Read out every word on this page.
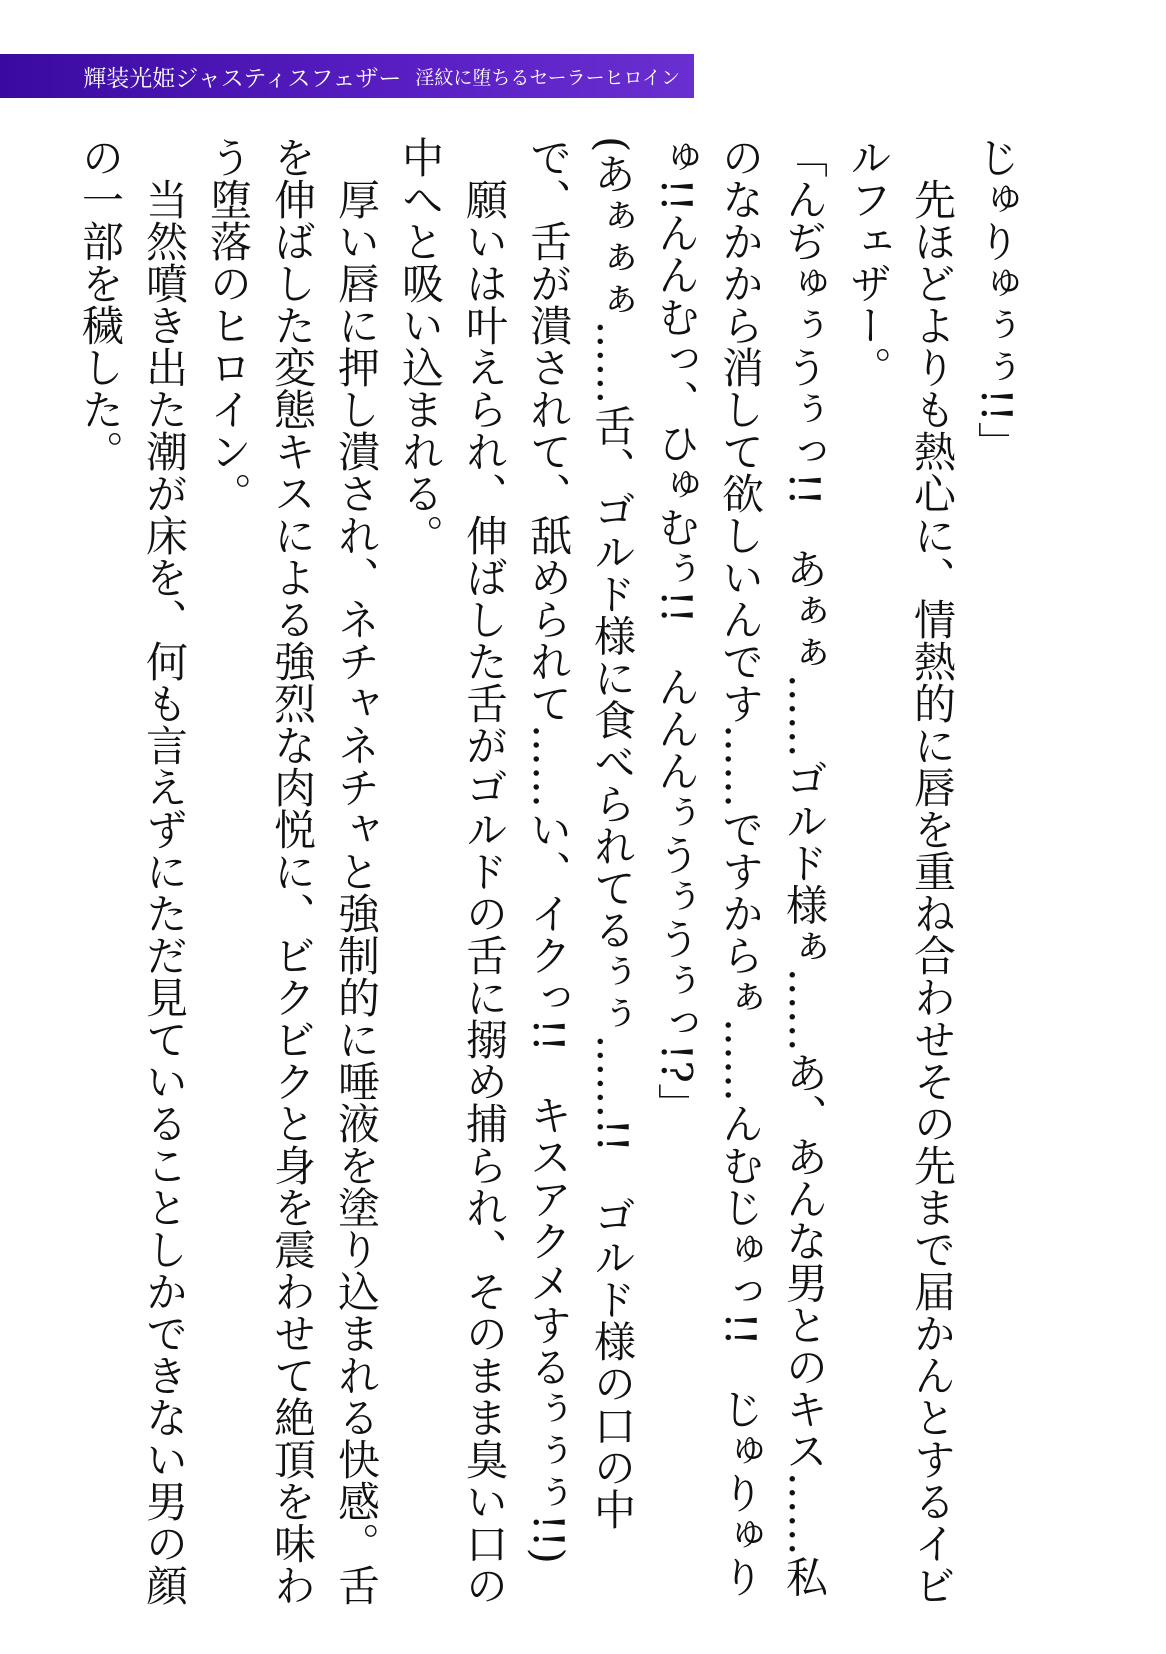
輝装光姫ジャスティスフェザー 淫紋に堕ちるセーラーヒロイン

じゅりゅぅぅ!!」

先ほどよりも熱心に、情熱的に唇を重ね合わせその先まで届かんとするイビルフェザー。

「んぢゅぅうぅっ!!　あぁぁ……ゴルド様ぁ……あ、あんな男とのキス……私のなかから消して欲しいんです……ですからぁ……んむじゅっ!!　じゅりゅりゅ!!んんむっ、ひゅむぅ!!　んんんぅうぅうぅっ!?」

(あぁぁぁ……舌、ゴルド様に食べられてるぅぅ……!!　ゴルド様の口の中で、舌が潰されて、舐められて……い、イクっ!!　キスアクメするぅぅぅ!!)

願いは叶えられ、伸ばした舌がゴルドの舌に搦め捕られ、そのまま臭い口の中へと吸い込まれる。

厚い唇に押し潰され、ネチャネチャと強制的に唾液を塗り込まれる快感。舌を伸ばした変態キスによる強烈な肉悦に、ビクビクと身を震わせて絶頂を味わう堕落のヒロイン。

当然噴き出た潮が床を、何も言えずにただ見ていることしかできない男の顔の一部を穢した。
